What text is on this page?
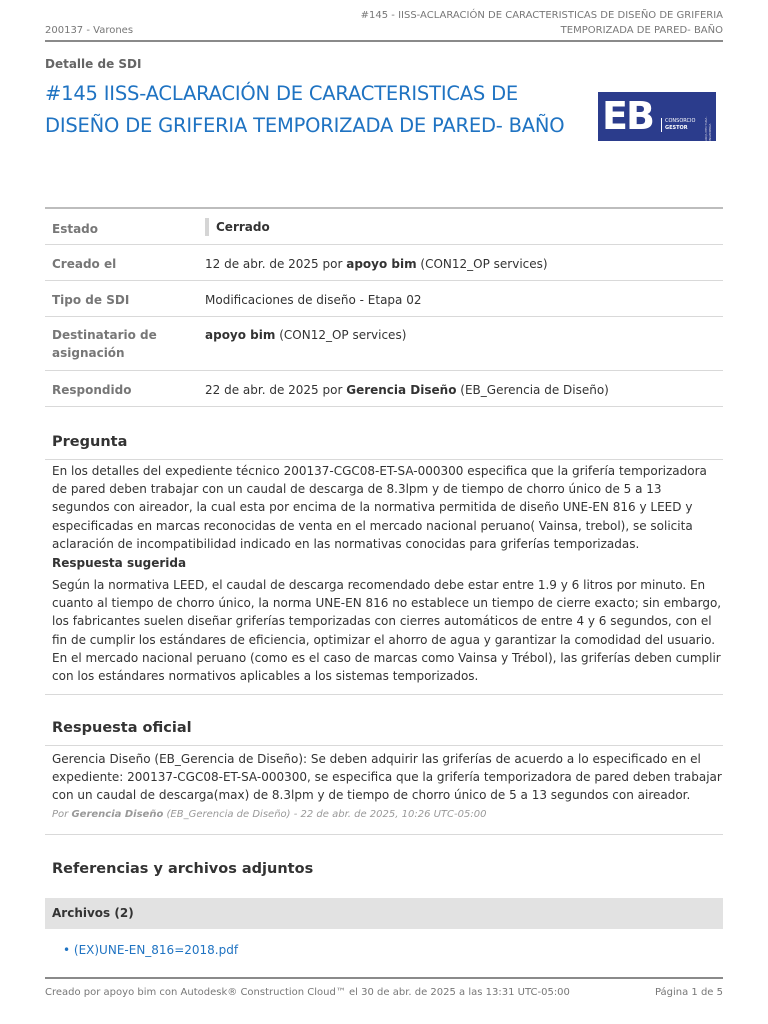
200137 - Varones
#145 - IISS-ACLARACIÓN DE CARACTERISTICAS DE DISEÑO DE GRIFERIA
TEMPORIZADA DE PARED- BAÑO
Detalle de SDI
#145 IISS-ACLARACIÓN DE CARACTERISTICAS DE DISEÑO DE GRIFERIA TEMPORIZADA DE PARED- BAÑO EB CONSORCIO
GESTOR	ARQUITECTURA · INGENIERÍA
Estado	Cerrado
Creado el	12 de abr. de 2025 por apoyo bim (CON12_OP services)
Tipo de SDI	Modificaciones de diseño - Etapa 02
Destinatario de asignación	apoyo bim (CON12_OP services)
Respondido	22 de abr. de 2025 por Gerencia Diseño (EB_Gerencia de Diseño)
Pregunta
En los detalles del expediente técnico 200137-CGC08-ET-SA-000300 especifica que la grifería temporizadora de pared deben trabajar con un caudal de descarga de 8.3lpm y de tiempo de chorro único de 5 a 13 segundos con aireador, la cual esta por encima de la normativa permitida de diseño UNE-EN 816 y LEED y especificadas en marcas reconocidas de venta en el mercado nacional peruano( Vainsa, trebol), se solicita aclaración de incompatibilidad indicado en las normativas conocidas para griferías temporizadas.
Respuesta sugerida
Según la normativa LEED, el caudal de descarga recomendado debe estar entre 1.9 y 6 litros por minuto. En cuanto al tiempo de chorro único, la norma UNE-EN 816 no establece un tiempo de cierre exacto; sin embargo, los fabricantes suelen diseñar griferías temporizadas con cierres automáticos de entre 4 y 6 segundos, con el fin de cumplir los estándares de eficiencia, optimizar el ahorro de agua y garantizar la comodidad del usuario. En el mercado nacional peruano (como es el caso de marcas como Vainsa y Trébol), las griferías deben cumplir con los estándares normativos aplicables a los sistemas temporizados.
Respuesta oficial
Gerencia Diseño (EB_Gerencia de Diseño): Se deben adquirir las griferías de acuerdo a lo especificado en el expediente: 200137-CGC08-ET-SA-000300, se especifica que la grifería temporizadora de pared deben trabajar con un caudal de descarga(max) de 8.3lpm y de tiempo de chorro único de 5 a 13 segundos con aireador.
Por Gerencia Diseño (EB_Gerencia de Diseño) - 22 de abr. de 2025, 10:26 UTC-05:00
Referencias y archivos adjuntos
Archivos (2)
• (EX)UNE-EN_816=2018.pdf
Creado por apoyo bim con Autodesk® Construction Cloud™ el 30 de abr. de 2025 a las 13:31 UTC-05:00	Página 1 de 5
